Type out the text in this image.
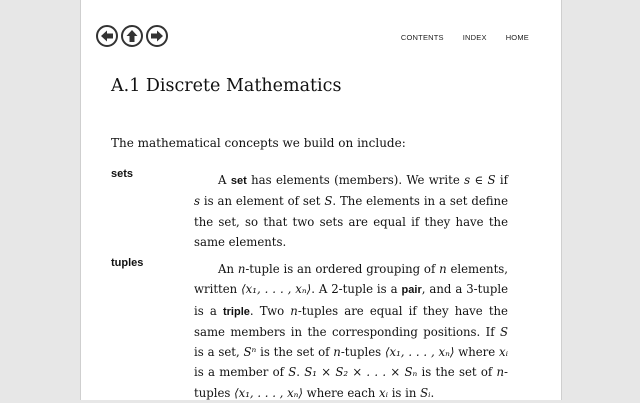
CONTENTS	INDEX	HOME
A.1 Discrete Mathematics

The mathematical concepts we build on include:

sets	A set has elements (members). We write s ∈ S if s is an element of set S. The elements in a set define the set, so that two sets are equal if they have the same elements.

tuples	An n-tuple is an ordered grouping of n elements, written ⟨x₁, . . . , xₙ⟩. A 2-tuple is a pair, and a 3-tuple is a triple. Two n-tuples are equal if they have the same members in the corresponding positions. If S is a set, Sⁿ is the set of n-tuples ⟨x₁, . . . , xₙ⟩ where xᵢ is a member of S. S₁ × S₂ × . . . × Sₙ is the set of n-tuples ⟨x₁, . . . , xₙ⟩ where each xᵢ is in Sᵢ.
